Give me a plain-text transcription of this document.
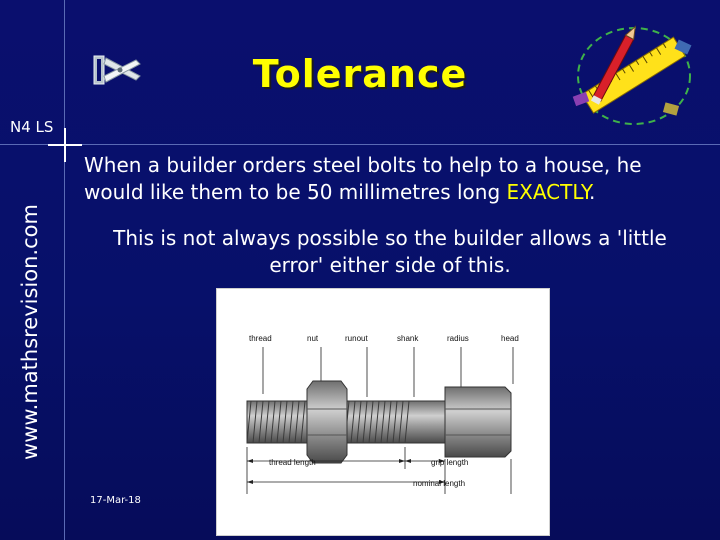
Tolerance
N4 LS
www.mathsrevision.com
When a builder orders steel bolts to help to a house, he would like them to be 50 millimetres long EXACTLY.
This is not always possible so the builder allows a 'little error' either side of this.
thread	nut	runout	shank	radius	head
thread length	grip length
nominal length
17-Mar-18
